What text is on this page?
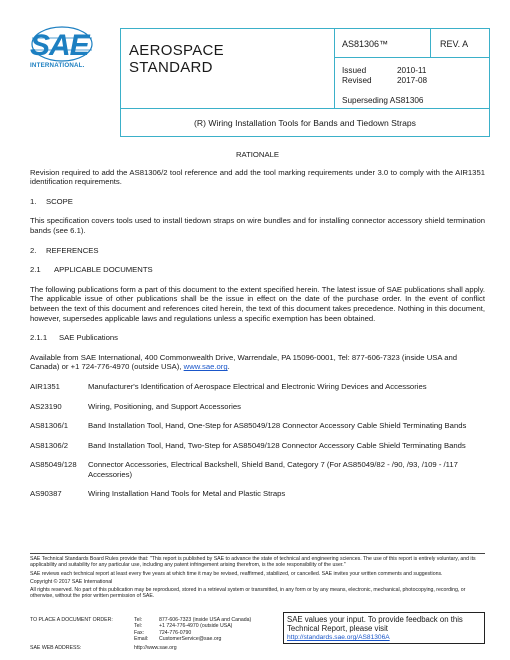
SAE
INTERNATIONAL.
AEROSPACE
STANDARD
AS81306™	REV. A
Issued	2010-11
Revised	2017-08
Superseding AS81306
(R) Wiring Installation Tools for Bands and Tiedown Straps
RATIONALE
Revision required to add the AS81306/2 tool reference and add the tool marking requirements under 3.0 to comply with the AIR1351 identification requirements.
1. SCOPE
This specification covers tools used to install tiedown straps on wire bundles and for installing connector accessory shield termination bands (see 6.1).
2. REFERENCES
2.1 APPLICABLE DOCUMENTS
The following publications form a part of this document to the extent specified herein. The latest issue of SAE publications shall apply. The applicable issue of other publications shall be the issue in effect on the date of the purchase order. In the event of conflict between the text of this document and references cited herein, the text of this document takes precedence. Nothing in this document, however, supersedes applicable laws and regulations unless a specific exemption has been obtained.
2.1.1 SAE Publications
Available from SAE International, 400 Commonwealth Drive, Warrendale, PA 15096-0001, Tel: 877-606-7323 (inside USA and Canada) or +1 724-776-4970 (outside USA), www.sae.org.
AIR1351	Manufacturer's Identification of Aerospace Electrical and Electronic Wiring Devices and Accessories
AS23190	Wiring, Positioning, and Support Accessories
AS81306/1	Band Installation Tool, Hand, One-Step for AS85049/128 Connector Accessory Cable Shield Terminating Bands
AS81306/2	Band Installation Tool, Hand, Two-Step for AS85049/128 Connector Accessory Cable Shield Terminating Bands
AS85049/128	Connector Accessories, Electrical Backshell, Shield Band, Category 7 (For AS85049/82 - /90, /93, /109 - /117 Accessories)
AS90387	Wiring Installation Hand Tools for Metal and Plastic Straps
SAE Technical Standards Board Rules provide that: "This report is published by SAE to advance the state of technical and engineering sciences. The use of this report is entirely voluntary, and its applicability and suitability for any particular use, including any patent infringement arising therefrom, is the sole responsibility of the user."
SAE reviews each technical report at least every five years at which time it may be revised, reaffirmed, stabilized, or cancelled. SAE invites your written comments and suggestions.
Copyright © 2017 SAE International
All rights reserved. No part of this publication may be reproduced, stored in a retrieval system or transmitted, in any form or by any means, electronic, mechanical, photocopying, recording, or otherwise, without the prior written permission of SAE.
TO PLACE A DOCUMENT ORDER:	Tel:	877-606-7323 (inside USA and Canada)
Tel:	+1 724-776-4970 (outside USA)
Fax:	724-776-0790
Email:	CustomerService@sae.org
SAE WEB ADDRESS:	http://www.sae.org
SAE values your input. To provide feedback on this Technical Report, please visit
http://standards.sae.org/AS81306A
